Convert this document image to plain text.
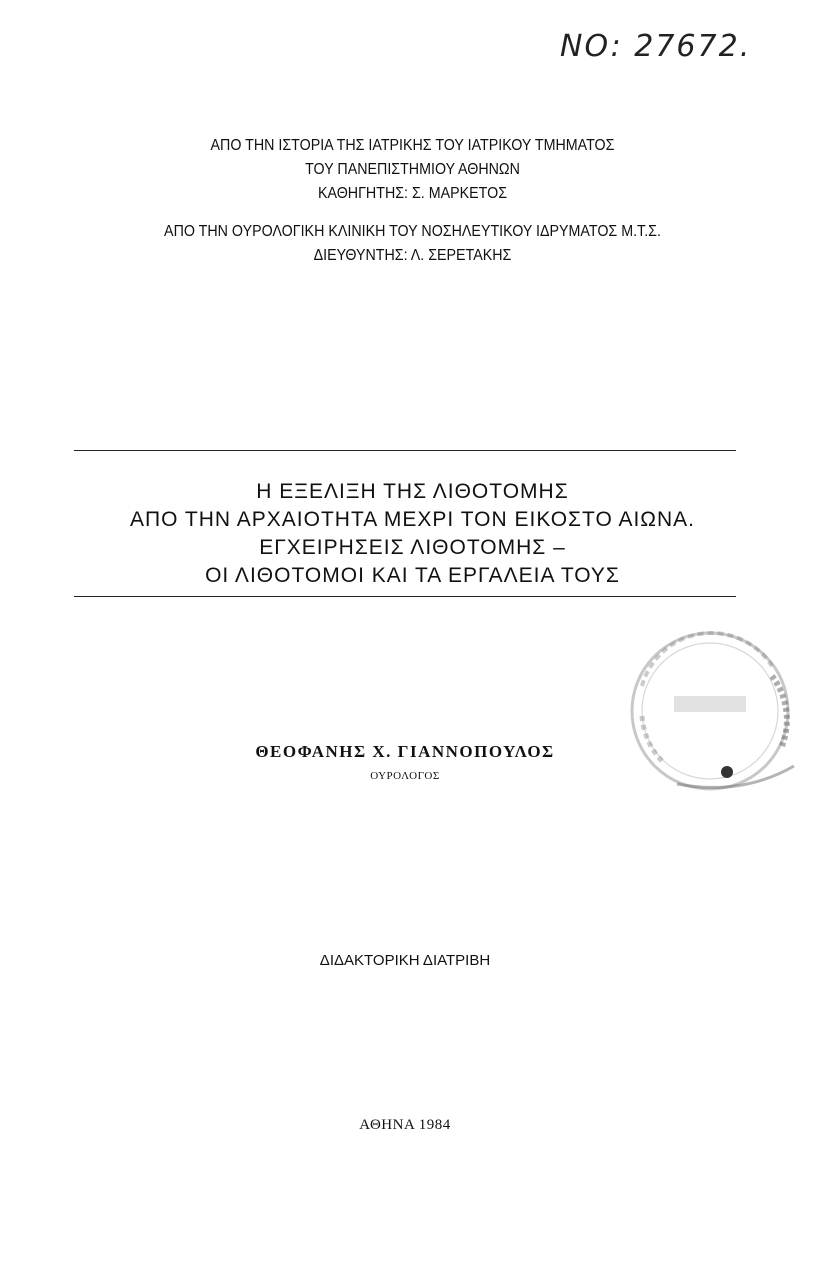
NO: 27672.
ΑΠΟ ΤΗΝ ΙΣΤΟΡΙΑ ΤΗΣ ΙΑΤΡΙΚΗΣ ΤΟΥ ΙΑΤΡΙΚΟΥ ΤΜΗΜΑΤΟΣ
ΤΟΥ ΠΑΝΕΠΙΣΤΗΜΙΟΥ ΑΘΗΝΩΝ
ΚΑΘΗΓΗΤΗΣ: Σ. ΜΑΡΚΕΤΟΣ
ΑΠΟ ΤΗΝ ΟΥΡΟΛΟΓΙΚΗ ΚΛΙΝΙΚΗ ΤΟΥ ΝΟΣΗΛΕΥΤΙΚΟΥ ΙΔΡΥΜΑΤΟΣ Μ.Τ.Σ.
ΔΙΕΥΘΥΝΤΗΣ: Λ. ΣΕΡΕΤΑΚΗΣ
Η ΕΞΕΛΙΞΗ ΤΗΣ ΛΙΘΟΤΟΜΗΣ
ΑΠΟ ΤΗΝ ΑΡΧΑΙΟΤΗΤΑ ΜΕΧΡΙ ΤΟΝ ΕΙΚΟΣΤΟ ΑΙΩΝΑ.
ΕΓΧΕΙΡΗΣΕΙΣ ΛΙΘΟΤΟΜΗΣ –
ΟΙ ΛΙΘΟΤΟΜΟΙ ΚΑΙ ΤΑ ΕΡΓΑΛΕΙΑ ΤΟΥΣ
ΘΕΟΦΑΝΗΣ Χ. ΓΙΑΝΝΟΠΟΥΛΟΣ
ΟΥΡΟΛΟΓΟΣ
ΔΙΔΑΚΤΟΡΙΚΗ ΔΙΑΤΡΙΒΗ
ΑΘΗΝΑ 1984
